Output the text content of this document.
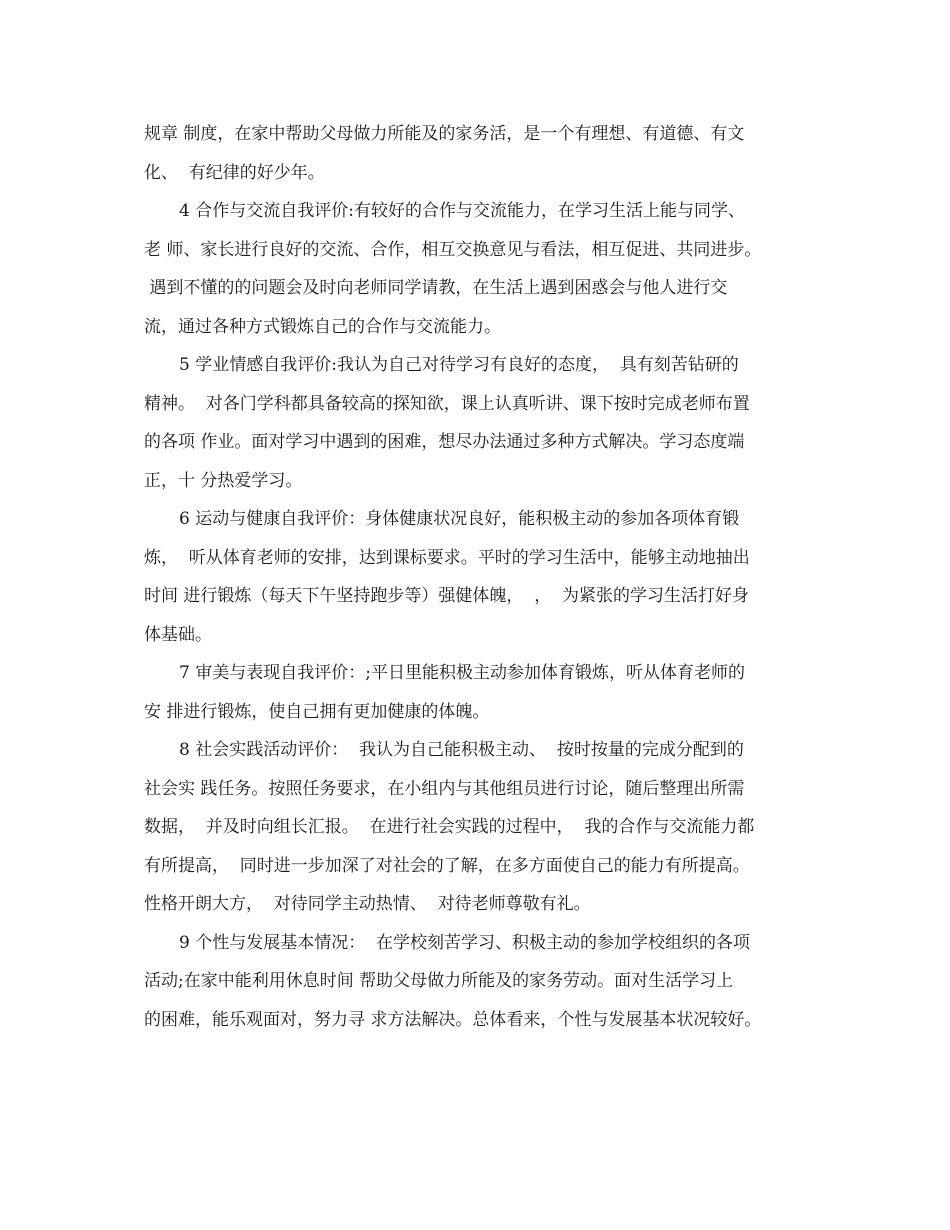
规章 制度，在家中帮助父母做力所能及的家务活，是一个有理想、有道德、有文
化、  有纪律的好少年。
4 合作与交流自我评价:有较好的合作与交流能力，在学习生活上能与同学、
老 师、家长进行良好的交流、合作，相互交换意见与看法，相互促进、共同进步。
遇到不懂的的问题会及时向老师同学请教，在生活上遇到困惑会与他人进行交
流，通过各种方式锻炼自己的合作与交流能力。
5 学业情感自我评价:我认为自己对待学习有良好的态度，  具有刻苦钻研的
精神。  对各门学科都具备较高的探知欲，课上认真听讲、课下按时完成老师布置
的各项 作业。面对学习中遇到的困难，想尽办法通过多种方式解决。学习态度端
正，十 分热爱学习。
6 运动与健康自我评价：身体健康状况良好，能积极主动的参加各项体育锻
炼，  听从体育老师的安排，达到课标要求。平时的学习生活中，能够主动地抽出
时间 进行锻炼（每天下午坚持跑步等）强健体魄，  ，  为紧张的学习生活打好身
体基础。
7 审美与表现自我评价：;平日里能积极主动参加体育锻炼，听从体育老师的
安 排进行锻炼，使自己拥有更加健康的体魄。
8 社会实践活动评价：  我认为自己能积极主动、  按时按量的完成分配到的
社会实 践任务。按照任务要求，在小组内与其他组员进行讨论，随后整理出所需
数据，  并及时向组长汇报。  在进行社会实践的过程中，  我的合作与交流能力都
有所提高，  同时进一步加深了对社会的了解，在多方面使自己的能力有所提高。
性格开朗大方，  对待同学主动热情、  对待老师尊敬有礼。
9 个性与发展基本情况：  在学校刻苦学习、积极主动的参加学校组织的各项
活动;在家中能利用休息时间 帮助父母做力所能及的家务劳动。面对生活学习上
的困难，能乐观面对，努力寻 求方法解决。总体看来，个性与发展基本状况较好。
